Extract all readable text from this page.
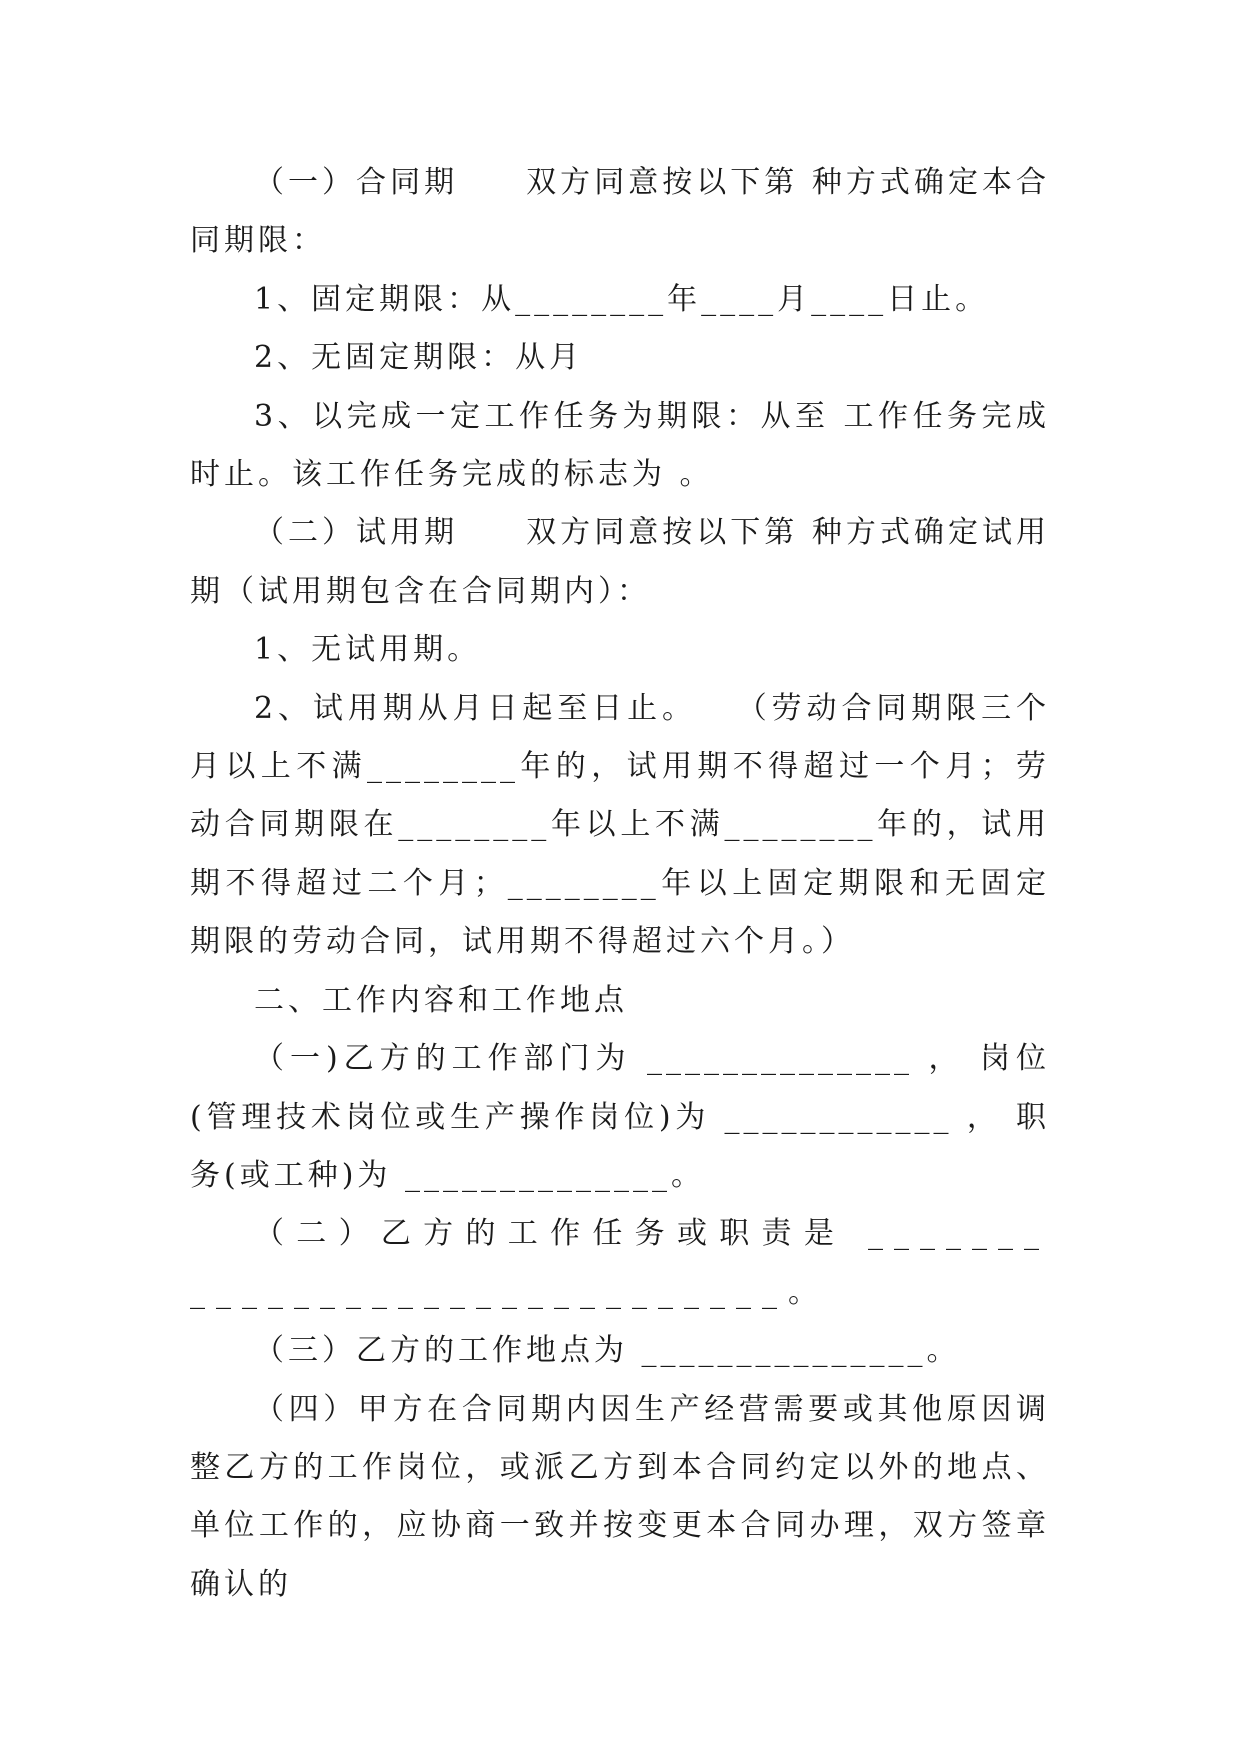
（一）合同期　　双方同意按以下第 种方式确定本合同期限：

1、固定期限：从________年____月____日止。

2、无固定期限：从月

3、以完成一定工作任务为期限：从至 工作任务完成时止。该工作任务完成的标志为 。

（二）试用期　　双方同意按以下第 种方式确定试用期（试用期包含在合同期内）：

1、无试用期。

2、试用期从月日起至日止。　　（劳动合同期限三个月以上不满________年的，试用期不得超过一个月；劳动合同期限在________年以上不满________年的，试用期不得超过二个月；________年以上固定期限和无固定期限的劳动合同，试用期不得超过六个月。）

二、工作内容和工作地点

（一)乙方的工作部门为 ______________ ， 岗位(管理技术岗位或生产操作岗位)为 ____________ ， 职务(或工种)为 ______________。

（二）乙方的工作任务或职责是 ______________________________。

（三）乙方的工作地点为 _______________。

（四）甲方在合同期内因生产经营需要或其他原因调整乙方的工作岗位，或派乙方到本合同约定以外的地点、单位工作的，应协商一致并按变更本合同办理，双方签章确认的
